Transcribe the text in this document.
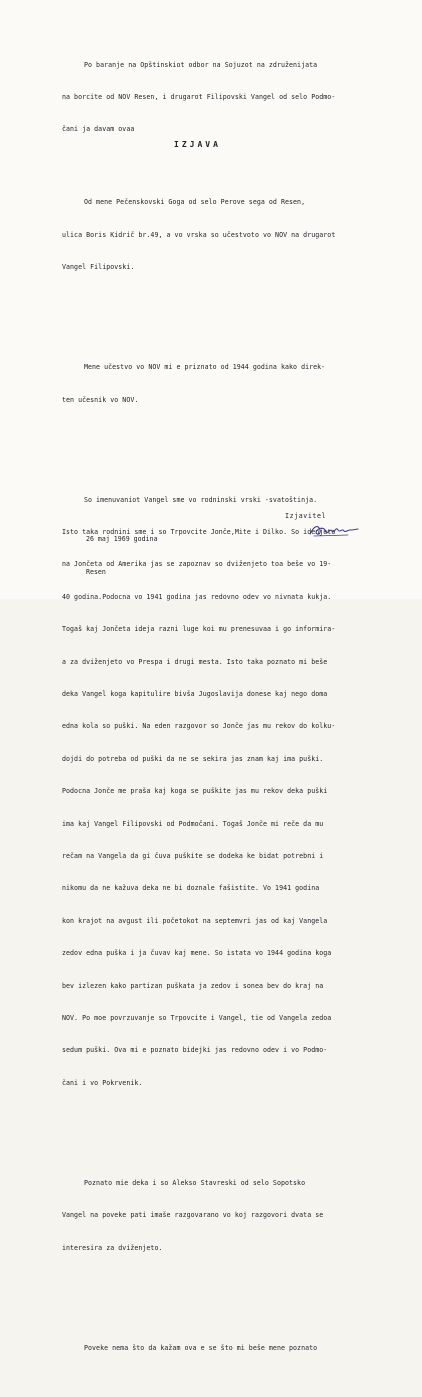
Po baranje na Opštinskiot odbor na Sojuzot na združenijata

na borcite od NOV Resen, i drugarot Filipovski Vangel od selo Podmo-

čani ja davam ovaa

IZJAVA

Od mene Pečenskovski Goga od selo Perove sega od Resen,

ulica Boris Kidrič br.49, a vo vrska so učestvoto vo NOV na drugarot

Vangel Filipovski.

Mene učestvo vo NOV mi e priznato od 1944 godina kako direk-

ten učesnik vo NOV.

So imenuvaniot Vangel sme vo rodninski vrski -svatoštinja.

Isto taka rodnini sme i so Trpovcite Jonče,Mite i Dilko. So idenjeto

na Jončeta od Amerika jas se zapoznav so dviženjeto toa beše vo 19-

40 godina.Podocna vo 1941 godina jas redovno odev vo nivnata kukja.

Togaš kaj Jončeta ideja razni luge koi mu prenesuvaa i go informira-

a za dviženjeto vo Prespa i drugi mesta. Isto taka poznato mi beše

deka Vangel koga kapitulire bivša Jugoslavija donese kaj nego doma

edna kola so puški. Na eden razgovor so Jonče jas mu rekov do kolku-

dojdi do potreba od puški da ne se sekira jas znam kaj ima puški.

Podocna Jonče me praša kaj koga se puškite jas mu rekov deka puški

ima kaj Vangel Filipovski od Podmočani. Togaš Jonče mi reče da mu

rečam na Vangela da gi čuva puškite se dodeka ke bidat potrebni i

nikomu da ne kažuva deka ne bi doznale fašistite. Vo 1941 godina

kon krajot na avgust ili početokot na septemvri jas od kaj Vangela

zedov edna puška i ja čuvav kaj mene. So istata vo 1944 godina koga

bev izlezen kako partizan puškata ja zedov i sonea bev do kraj na

NOV. Po moe povrzuvanje so Trpovcite i Vangel, tie od Vangela zedoa

sedum puški. Ova mi e poznato bidejki jas redovno odev i vo Podmo-

čani i vo Pokrvenik.

Poznato mie deka i so Alekso Stavreski od selo Sopotsko

Vangel na poveke pati imaše razgovarano vo koj razgovori dvata se

interesira za dviženjeto.

Poveke nema što da kažam ova e se što mi beše mene poznato

26 maj 1969 godina

Resen

Izjavitel
